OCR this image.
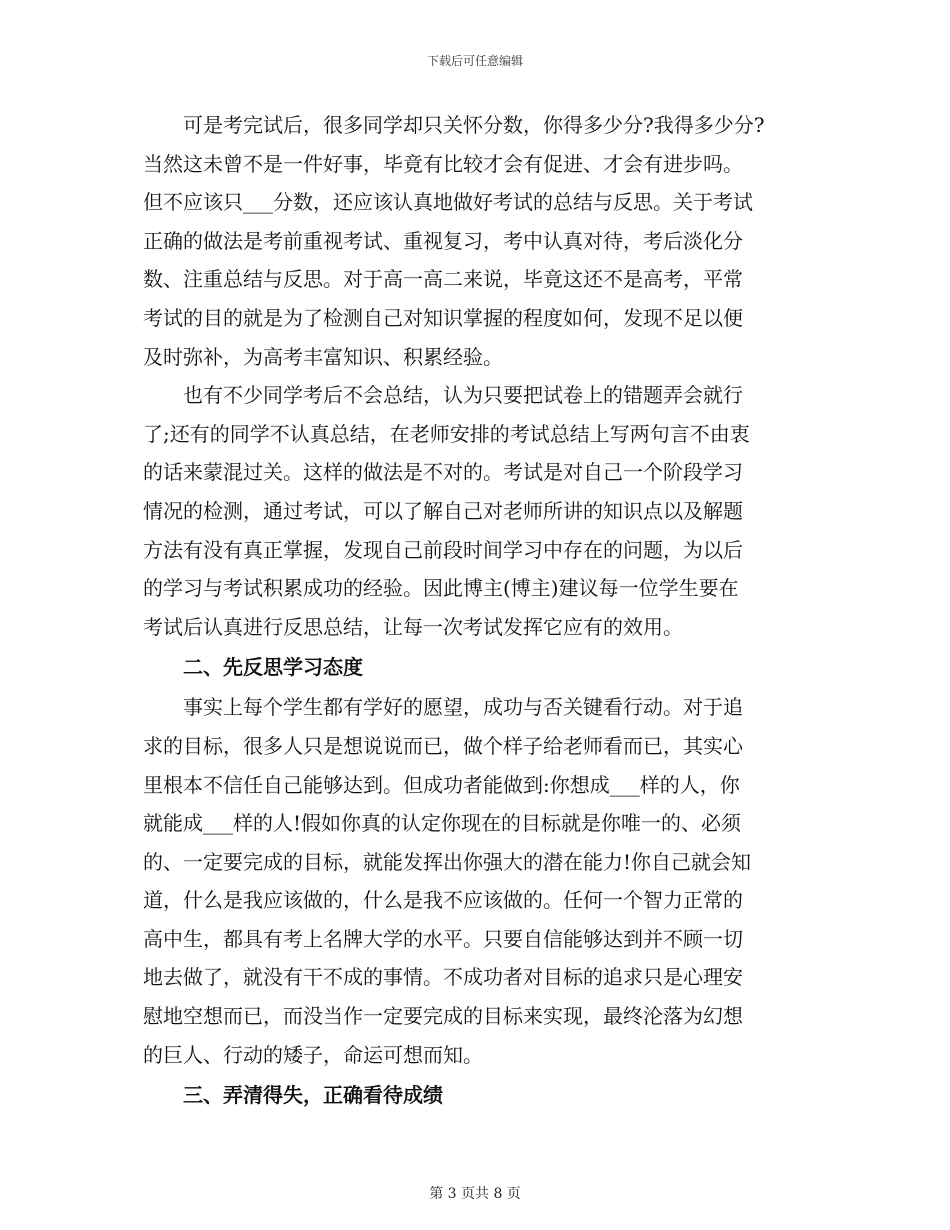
下载后可任意编辑

可是考完试后，很多同学却只关怀分数，你得多少分?我得多少分?
当然这未曾不是一件好事，毕竟有比较才会有促进、才会有进步吗。
但不应该只___分数，还应该认真地做好考试的总结与反思。关于考试
正确的做法是考前重视考试、重视复习，考中认真对待，考后淡化分
数、注重总结与反思。对于高一高二来说，毕竟这还不是高考，平常
考试的目的就是为了检测自己对知识掌握的程度如何，发现不足以便
及时弥补，为高考丰富知识、积累经验。

也有不少同学考后不会总结，认为只要把试卷上的错题弄会就行
了;还有的同学不认真总结，在老师安排的考试总结上写两句言不由衷
的话来蒙混过关。这样的做法是不对的。考试是对自己一个阶段学习
情况的检测，通过考试，可以了解自己对老师所讲的知识点以及解题
方法有没有真正掌握，发现自己前段时间学习中存在的问题，为以后
的学习与考试积累成功的经验。因此博主(博主)建议每一位学生要在
考试后认真进行反思总结，让每一次考试发挥它应有的效用。

二、先反思学习态度

事实上每个学生都有学好的愿望，成功与否关键看行动。对于追
求的目标，很多人只是想说说而已，做个样子给老师看而已，其实心
里根本不信任自己能够达到。但成功者能做到:你想成___样的人，你
就能成___样的人!假如你真的认定你现在的目标就是你唯一的、必须
的、一定要完成的目标，就能发挥出你强大的潜在能力!你自己就会知
道，什么是我应该做的，什么是我不应该做的。任何一个智力正常的
高中生，都具有考上名牌大学的水平。只要自信能够达到并不顾一切
地去做了，就没有干不成的事情。不成功者对目标的追求只是心理安
慰地空想而已，而没当作一定要完成的目标来实现，最终沦落为幻想
的巨人、行动的矮子，命运可想而知。

三、弄清得失，正确看待成绩
第 3 页共 8 页
